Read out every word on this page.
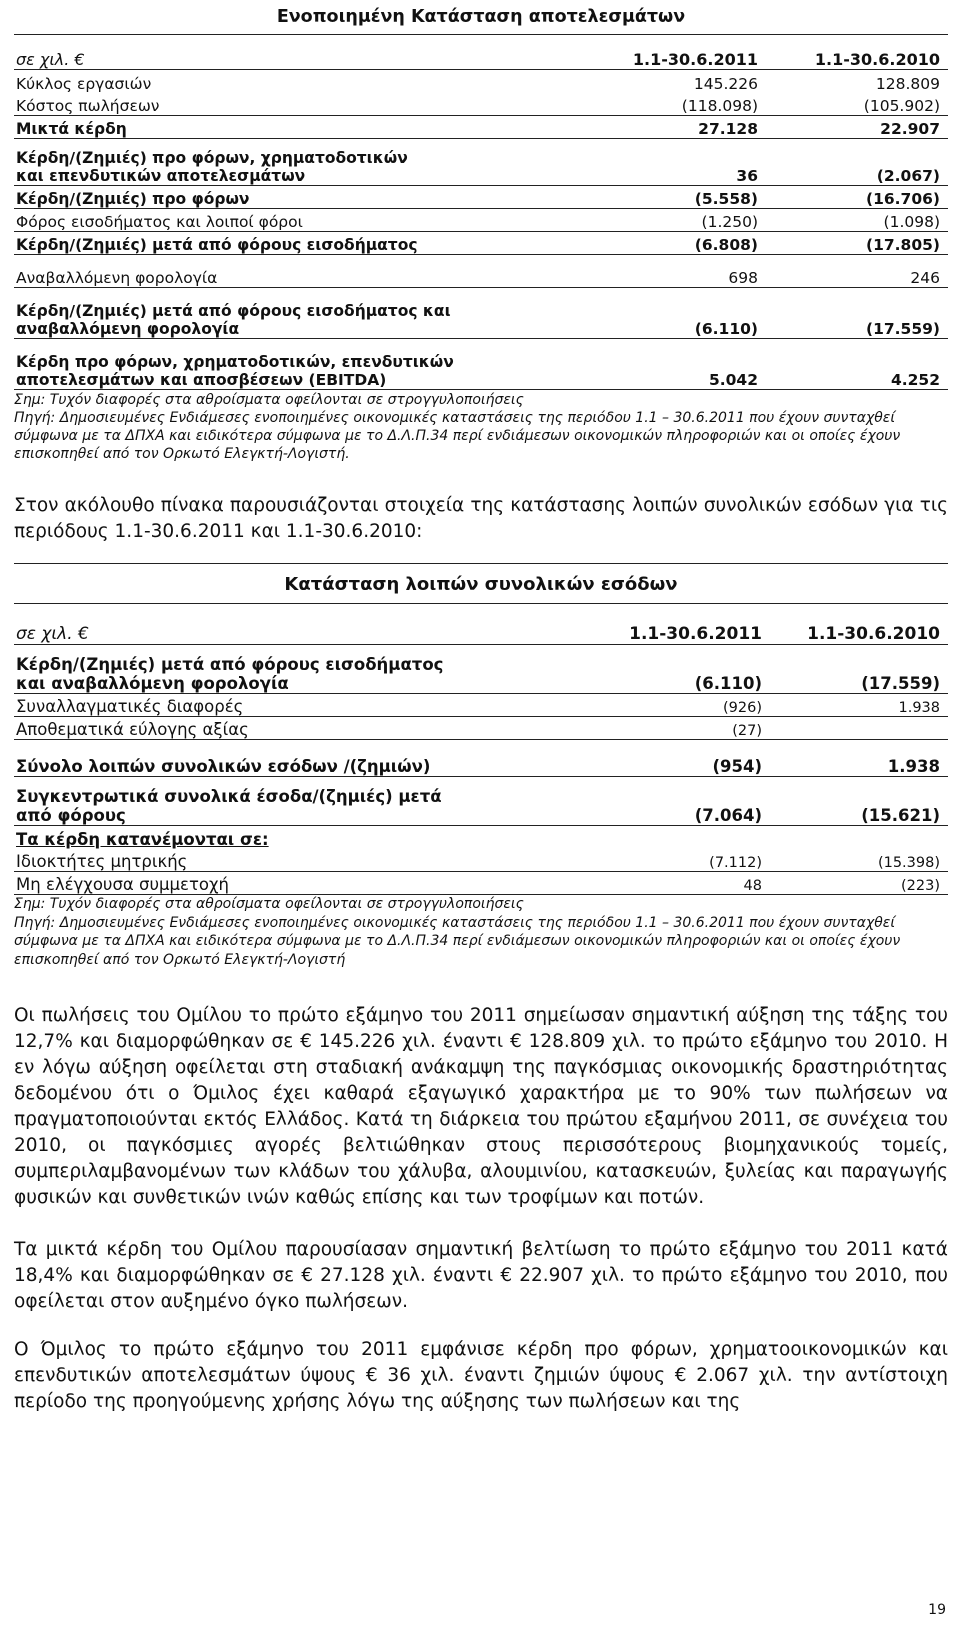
Ενοποιημένη Κατάσταση αποτελεσμάτων		
σε χιλ. €	1.1-30.6.2011	1.1-30.6.2010
Κύκλος εργασιών	145.226	128.809
Κόστος πωλήσεων	(118.098)	(105.902)
Μικτά κέρδη	27.128	22.907
Κέρδη/(Ζημιές) προ φόρων, χρηματοδοτικών και επενδυτικών αποτελεσμάτων	36	(2.067)
Κέρδη/(Ζημιές) προ φόρων	(5.558)	(16.706)
Φόρος εισοδήματος και λοιποί φόροι	(1.250)	(1.098)
Κέρδη/(Ζημιές) μετά από φόρους εισοδήματος	(6.808)	(17.805)
Αναβαλλόμενη φορολογία	698	246
Κέρδη/(Ζημιές) μετά από φόρους εισοδήματος και αναβαλλόμενη φορολογία	(6.110)	(17.559)
Κέρδη προ φόρων, χρηματοδοτικών, επενδυτικών αποτελεσμάτων και αποσβέσεων (EBITDA)	5.042	4.252
Σημ: Τυχόν διαφορές στα αθροίσματα οφείλονται σε στρογγυλοποιήσεις
Πηγή: Δημοσιευμένες Ενδιάμεσες ενοποιημένες οικονομικές καταστάσεις της περιόδου 1.1 – 30.6.2011 που έχουν συνταχθεί σύμφωνα με τα ΔΠΧΑ και ειδικότερα σύμφωνα με το Δ.Λ.Π.34 περί ενδιάμεσων οικονομικών πληροφοριών και οι οποίες έχουν επισκοπηθεί από τον Ορκωτό Ελεγκτή-Λογιστή.

Στον ακόλουθο πίνακα παρουσιάζονται στοιχεία της κατάστασης λοιπών συνολικών εσόδων για τις περιόδους 1.1-30.6.2011 και 1.1-30.6.2010:

Κατάσταση λοιπών συνολικών εσόδων
σε χιλ. €	1.1-30.6.2011	1.1-30.6.2010
Κέρδη/(Ζημιές) μετά από φόρους εισοδήματος και αναβαλλόμενη φορολογία	(6.110)	(17.559)
Συναλλαγματικές διαφορές	(926)	1.938
Αποθεματικά εύλογης αξίας	(27)	
Σύνολο λοιπών συνολικών εσόδων /(ζημιών)	(954)	1.938
Συγκεντρωτικά συνολικά έσοδα/(ζημιές) μετά από φόρους	(7.064)	(15.621)
Τα κέρδη κατανέμονται σε:		
Ιδιοκτήτες μητρικής	(7.112)	(15.398)
Μη ελέγχουσα συμμετοχή	48	(223)
Σημ: Τυχόν διαφορές στα αθροίσματα οφείλονται σε στρογγυλοποιήσεις
Πηγή: Δημοσιευμένες Ενδιάμεσες ενοποιημένες οικονομικές καταστάσεις της περιόδου 1.1 – 30.6.2011 που έχουν συνταχθεί σύμφωνα με τα ΔΠΧΑ και ειδικότερα σύμφωνα με το Δ.Λ.Π.34 περί ενδιάμεσων οικονομικών πληροφοριών και οι οποίες έχουν επισκοπηθεί από τον Ορκωτό Ελεγκτή-Λογιστή

Οι πωλήσεις του Ομίλου το πρώτο εξάμηνο του 2011 σημείωσαν σημαντική αύξηση της τάξης του 12,7% και διαμορφώθηκαν σε € 145.226 χιλ. έναντι € 128.809 χιλ. το πρώτο εξάμηνο του 2010. Η εν λόγω αύξηση οφείλεται στη σταδιακή ανάκαμψη της παγκόσμιας οικονομικής δραστηριότητας δεδομένου ότι ο Όμιλος έχει καθαρά εξαγωγικό χαρακτήρα με το 90% των πωλήσεων να πραγματοποιούνται εκτός Ελλάδος. Κατά τη διάρκεια του πρώτου εξαμήνου 2011, σε συνέχεια του 2010, οι παγκόσμιες αγορές βελτιώθηκαν στους περισσότερους βιομηχανικούς τομείς, συμπεριλαμβανομένων των κλάδων του χάλυβα, αλουμινίου, κατασκευών, ξυλείας και παραγωγής φυσικών και συνθετικών ινών καθώς επίσης και των τροφίμων και ποτών.

Τα μικτά κέρδη του Ομίλου παρουσίασαν σημαντική βελτίωση το πρώτο εξάμηνο του 2011 κατά 18,4% και διαμορφώθηκαν σε € 27.128 χιλ. έναντι € 22.907 χιλ. το πρώτο εξάμηνο του 2010, που οφείλεται στον αυξημένο όγκο πωλήσεων.

Ο Όμιλος το πρώτο εξάμηνο του 2011 εμφάνισε κέρδη προ φόρων, χρηματοοικονομικών και επενδυτικών αποτελεσμάτων ύψους € 36 χιλ. έναντι ζημιών ύψους € 2.067 χιλ. την αντίστοιχη περίοδο της προηγούμενης χρήσης λόγω της αύξησης των πωλήσεων και της

19
